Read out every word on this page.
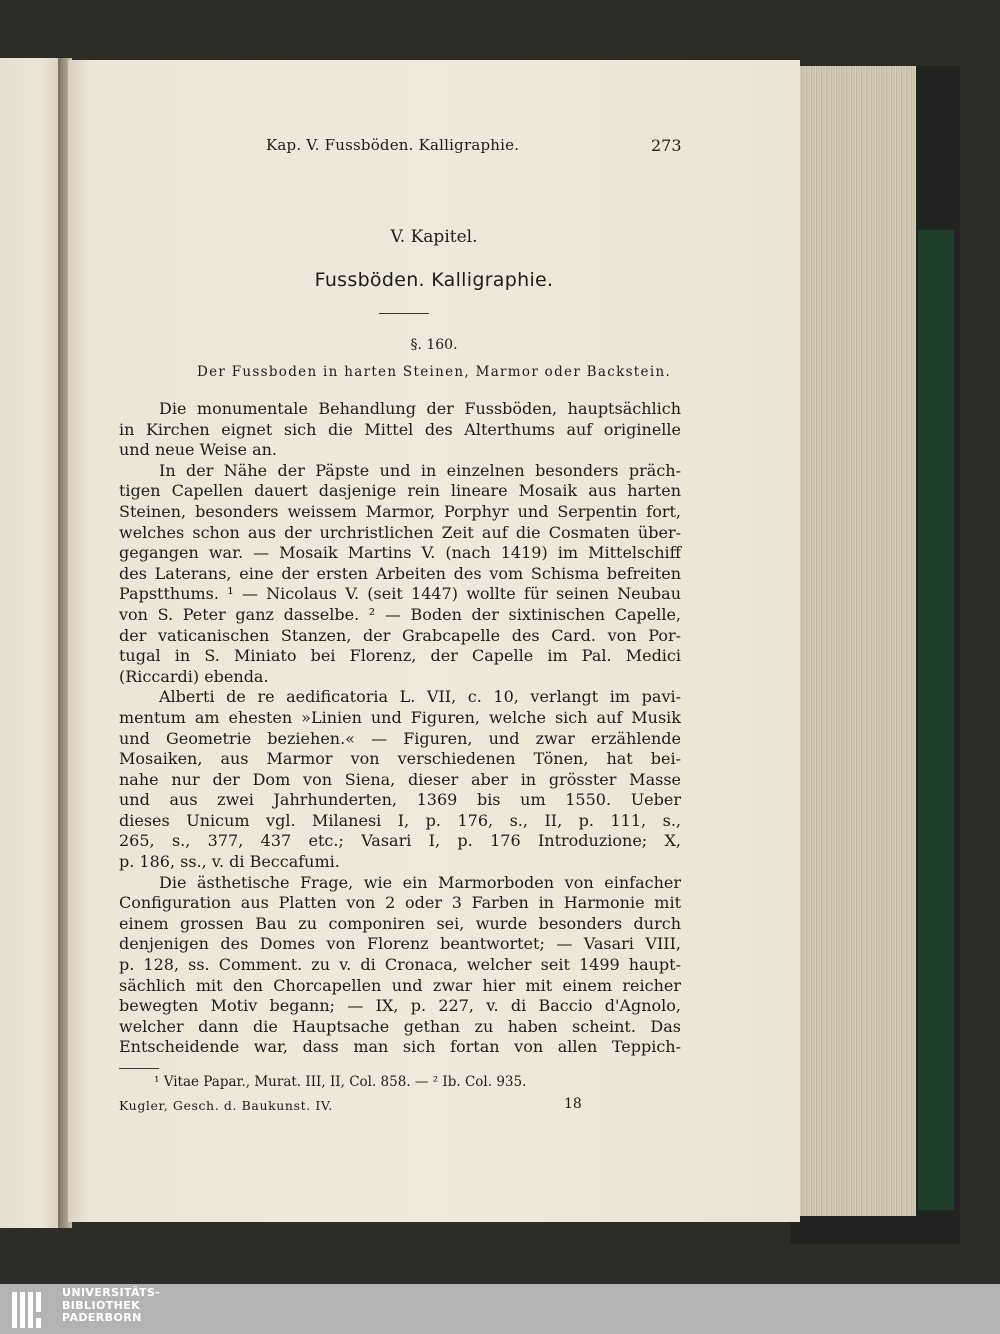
Kap. V. Fussböden. Kalligraphie.	273
V. Kapitel.
Fussböden. Kalligraphie.
§. 160.
Der Fussboden in harten Steinen, Marmor oder Backstein.
Die monumentale Behandlung der Fussböden, hauptsächlich
in Kirchen eignet sich die Mittel des Alterthums auf originelle
und neue Weise an.
In der Nähe der Päpste und in einzelnen besonders präch-
tigen Capellen dauert dasjenige rein lineare Mosaik aus harten
Steinen, besonders weissem Marmor, Porphyr und Serpentin fort,
welches schon aus der urchristlichen Zeit auf die Cosmaten über-
gegangen war. — Mosaik Martins V. (nach 1419) im Mittelschiff
des Laterans, eine der ersten Arbeiten des vom Schisma befreiten
Papstthums. ¹ — Nicolaus V. (seit 1447) wollte für seinen Neubau
von S. Peter ganz dasselbe. ² — Boden der sixtinischen Capelle,
der vaticanischen Stanzen, der Grabcapelle des Card. von Por-
tugal in S. Miniato bei Florenz, der Capelle im Pal. Medici
(Riccardi) ebenda.
Alberti de re aedificatoria L. VII, c. 10, verlangt im pavi-
mentum am ehesten »Linien und Figuren, welche sich auf Musik
und Geometrie beziehen.« — Figuren, und zwar erzählende
Mosaiken, aus Marmor von verschiedenen Tönen, hat bei-
nahe nur der Dom von Siena, dieser aber in grösster Masse
und aus zwei Jahrhunderten, 1369 bis um 1550. Ueber
dieses Unicum vgl. Milanesi I, p. 176, s., II, p. 111, s.,
265, s., 377, 437 etc.; Vasari I, p. 176 Introduzione; X,
p. 186, ss., v. di Beccafumi.
Die ästhetische Frage, wie ein Marmorboden von einfacher
Configuration aus Platten von 2 oder 3 Farben in Harmonie mit
einem grossen Bau zu componiren sei, wurde besonders durch
denjenigen des Domes von Florenz beantwortet; — Vasari VIII,
p. 128, ss. Comment. zu v. di Cronaca, welcher seit 1499 haupt-
sächlich mit den Chorcapellen und zwar hier mit einem reicher
bewegten Motiv begann; — IX, p. 227, v. di Baccio d'Agnolo,
welcher dann die Hauptsache gethan zu haben scheint. Das
Entscheidende war, dass man sich fortan von allen Teppich-
¹ Vitae Papar., Murat. III, II, Col. 858. — ² Ib. Col. 935.
Kugler, Gesch. d. Baukunst. IV.	18
UNIVERSITÄTS-
BIBLIOTHEK
PADERBORN
